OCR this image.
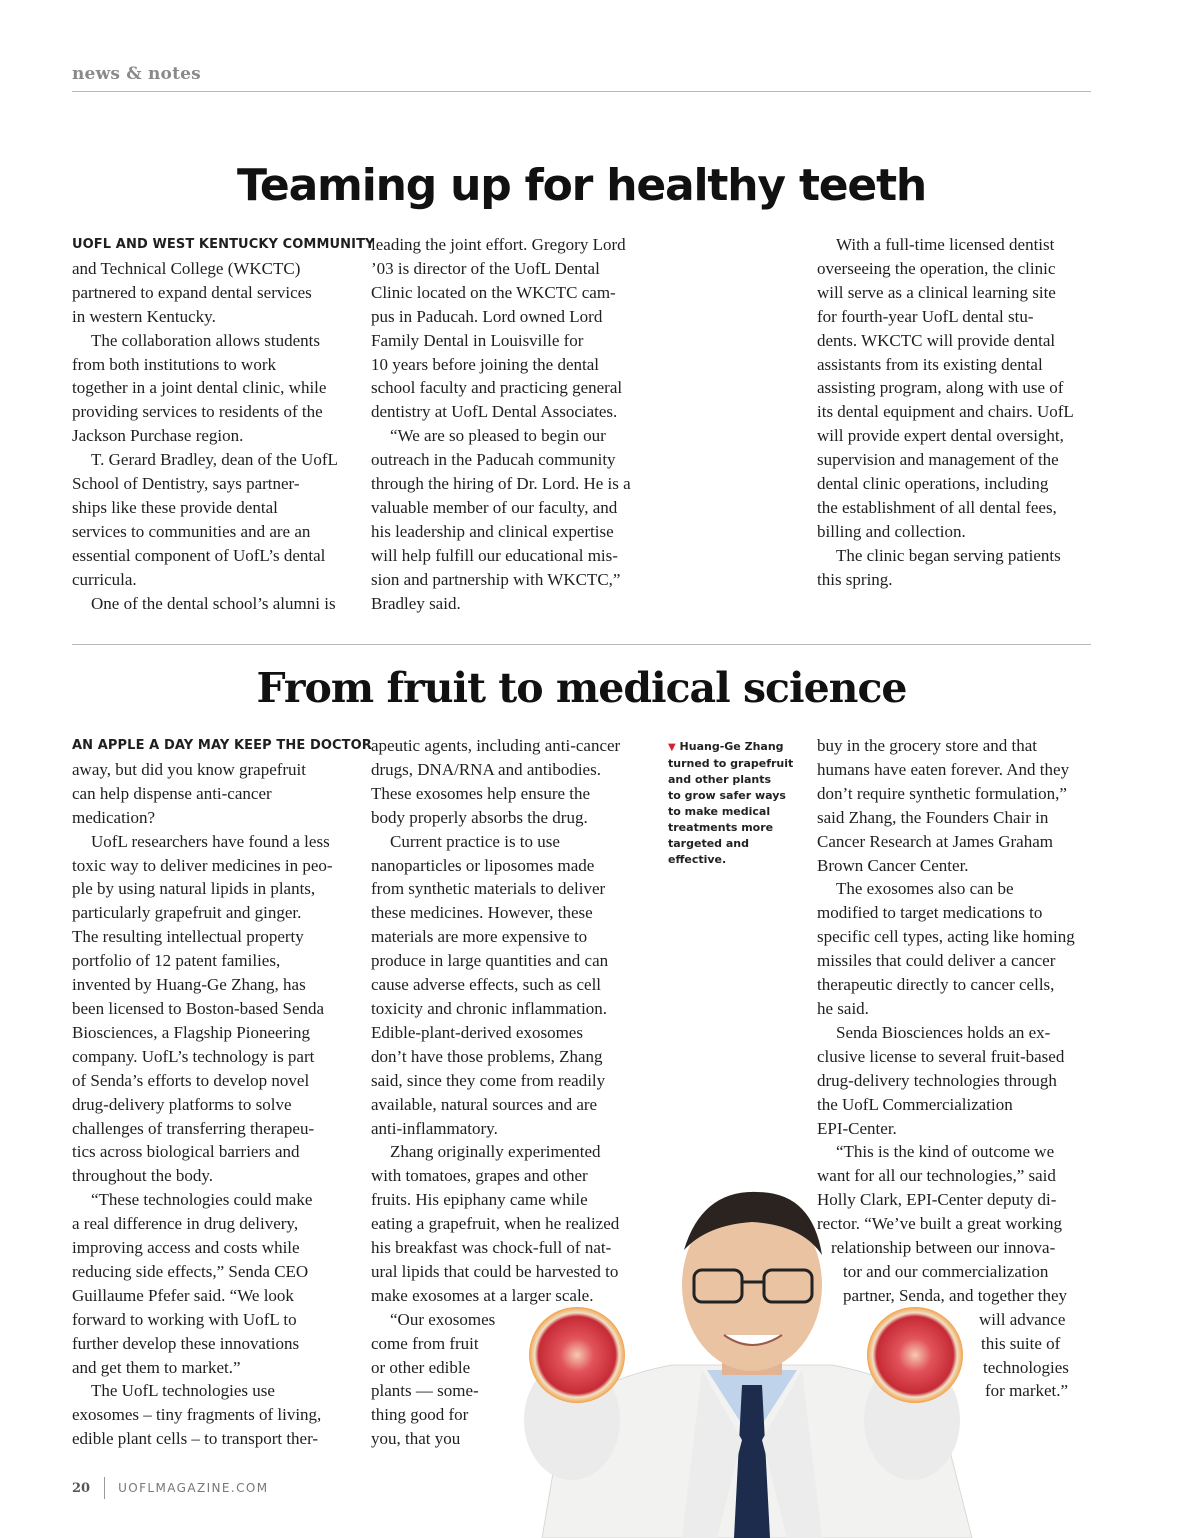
news & notes
Teaming up for healthy teeth
UOFL AND WEST KENTUCKY COMMUNITY
and Technical College (WKCTC)
partnered to expand dental services
in western Kentucky.
The collaboration allows students
from both institutions to work
together in a joint dental clinic, while
providing services to residents of the
Jackson Purchase region.
T. Gerard Bradley, dean of the UofL
School of Dentistry, says partner-
ships like these provide dental
services to communities and are an
essential component of UofL’s dental
curricula.
One of the dental school’s alumni is
leading the joint effort. Gregory Lord
’03 is director of the UofL Dental
Clinic located on the WKCTC cam-
pus in Paducah. Lord owned Lord
Family Dental in Louisville for
10 years before joining the dental
school faculty and practicing general
dentistry at UofL Dental Associates.
“We are so pleased to begin our
outreach in the Paducah community
through the hiring of Dr. Lord. He is a
valuable member of our faculty, and
his leadership and clinical expertise
will help fulfill our educational mis-
sion and partnership with WKCTC,”
Bradley said.
With a full-time licensed dentist
overseeing the operation, the clinic
will serve as a clinical learning site
for fourth-year UofL dental stu-
dents. WKCTC will provide dental
assistants from its existing dental
assisting program, along with use of
its dental equipment and chairs. UofL
will provide expert dental oversight,
supervision and management of the
dental clinic operations, including
the establishment of all dental fees,
billing and collection.
The clinic began serving patients
this spring.
From fruit to medical science
AN APPLE A DAY MAY KEEP THE DOCTOR
away, but did you know grapefruit
can help dispense anti-cancer
medication?
UofL researchers have found a less
toxic way to deliver medicines in peo-
ple by using natural lipids in plants,
particularly grapefruit and ginger.
The resulting intellectual property
portfolio of 12 patent families,
invented by Huang-Ge Zhang, has
been licensed to Boston-based Senda
Biosciences, a Flagship Pioneering
company. UofL’s technology is part
of Senda’s efforts to develop novel
drug-delivery platforms to solve
challenges of transferring therapeu-
tics across biological barriers and
throughout the body.
“These technologies could make
a real difference in drug delivery,
improving access and costs while
reducing side effects,” Senda CEO
Guillaume Pfefer said. “We look
forward to working with UofL to
further develop these innovations
and get them to market.”
The UofL technologies use
exosomes – tiny fragments of living,
edible plant cells – to transport ther-
apeutic agents, including anti-cancer
drugs, DNA/RNA and antibodies.
These exosomes help ensure the
body properly absorbs the drug.
Current practice is to use
nanoparticles or liposomes made
from synthetic materials to deliver
these medicines. However, these
materials are more expensive to
produce in large quantities and can
cause adverse effects, such as cell
toxicity and chronic inflammation.
Edible-plant-derived exosomes
don’t have those problems, Zhang
said, since they come from readily
available, natural sources and are
anti-inflammatory.
Zhang originally experimented
with tomatoes, grapes and other
fruits. His epiphany came while
eating a grapefruit, when he realized
his breakfast was chock-full of nat-
ural lipids that could be harvested to
make exosomes at a larger scale.
“Our exosomes
come from fruit
or other edible
plants — some-
thing good for
you, that you
▼ Huang-Ge Zhang
turned to grapefruit
and other plants
to grow safer ways
to make medical
treatments more
targeted and
effective.
buy in the grocery store and that
humans have eaten forever. And they
don’t require synthetic formulation,”
said Zhang, the Founders Chair in
Cancer Research at James Graham
Brown Cancer Center.
The exosomes also can be
modified to target medications to
specific cell types, acting like homing
missiles that could deliver a cancer
therapeutic directly to cancer cells,
he said.
Senda Biosciences holds an ex-
clusive license to several fruit-based
drug-delivery technologies through
the UofL Commercialization
EPI-Center.
“This is the kind of outcome we
want for all our technologies,” said
Holly Clark, EPI-Center deputy di-
rector. “We’ve built a great working
relationship between our innova-
tor and our commercialization
partner, Senda, and together they
will advance
this suite of
technologies
for market.”
20 UOFLMAGAZINE.COM
